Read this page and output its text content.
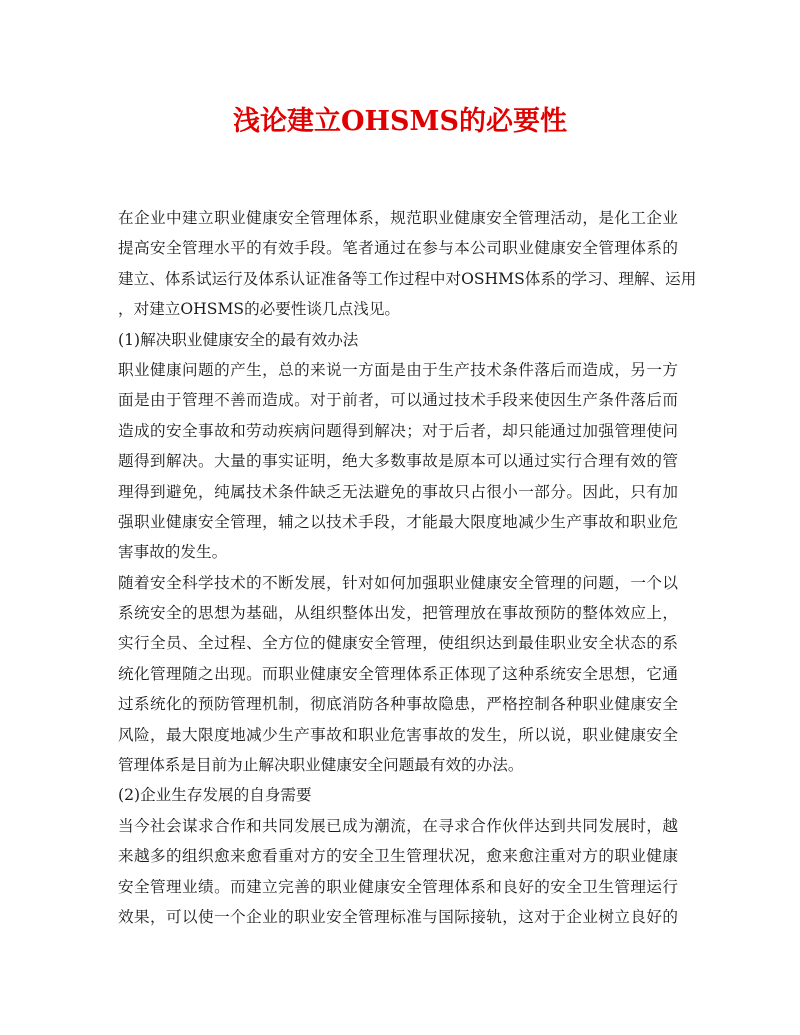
浅论建立OHSMS的必要性
在企业中建立职业健康安全管理体系，规范职业健康安全管理活动，是化工企业
提高安全管理水平的有效手段。笔者通过在参与本公司职业健康安全管理体系的
建立、体系试运行及体系认证准备等工作过程中对OSHMS体系的学习、理解、运用
，对建立OHSMS的必要性谈几点浅见。
(1)解决职业健康安全的最有效办法
职业健康问题的产生，总的来说一方面是由于生产技术条件落后而造成，另一方
面是由于管理不善而造成。对于前者，可以通过技术手段来使因生产条件落后而
造成的安全事故和劳动疾病问题得到解决；对于后者，却只能通过加强管理使问
题得到解决。大量的事实证明，绝大多数事故是原本可以通过实行合理有效的管
理得到避免，纯属技术条件缺乏无法避免的事故只占很小一部分。因此，只有加
强职业健康安全管理，辅之以技术手段，才能最大限度地减少生产事故和职业危
害事故的发生。
随着安全科学技术的不断发展，针对如何加强职业健康安全管理的问题，一个以
系统安全的思想为基础，从组织整体出发，把管理放在事故预防的整体效应上，
实行全员、全过程、全方位的健康安全管理，使组织达到最佳职业安全状态的系
统化管理随之出现。而职业健康安全管理体系正体现了这种系统安全思想，它通
过系统化的预防管理机制，彻底消防各种事故隐患，严格控制各种职业健康安全
风险，最大限度地减少生产事故和职业危害事故的发生，所以说，职业健康安全
管理体系是目前为止解决职业健康安全问题最有效的办法。
(2)企业生存发展的自身需要
当今社会谋求合作和共同发展已成为潮流，在寻求合作伙伴达到共同发展时，越
来越多的组织愈来愈看重对方的安全卫生管理状况，愈来愈注重对方的职业健康
安全管理业绩。而建立完善的职业健康安全管理体系和良好的安全卫生管理运行
效果，可以使一个企业的职业安全管理标准与国际接轨，这对于企业树立良好的
